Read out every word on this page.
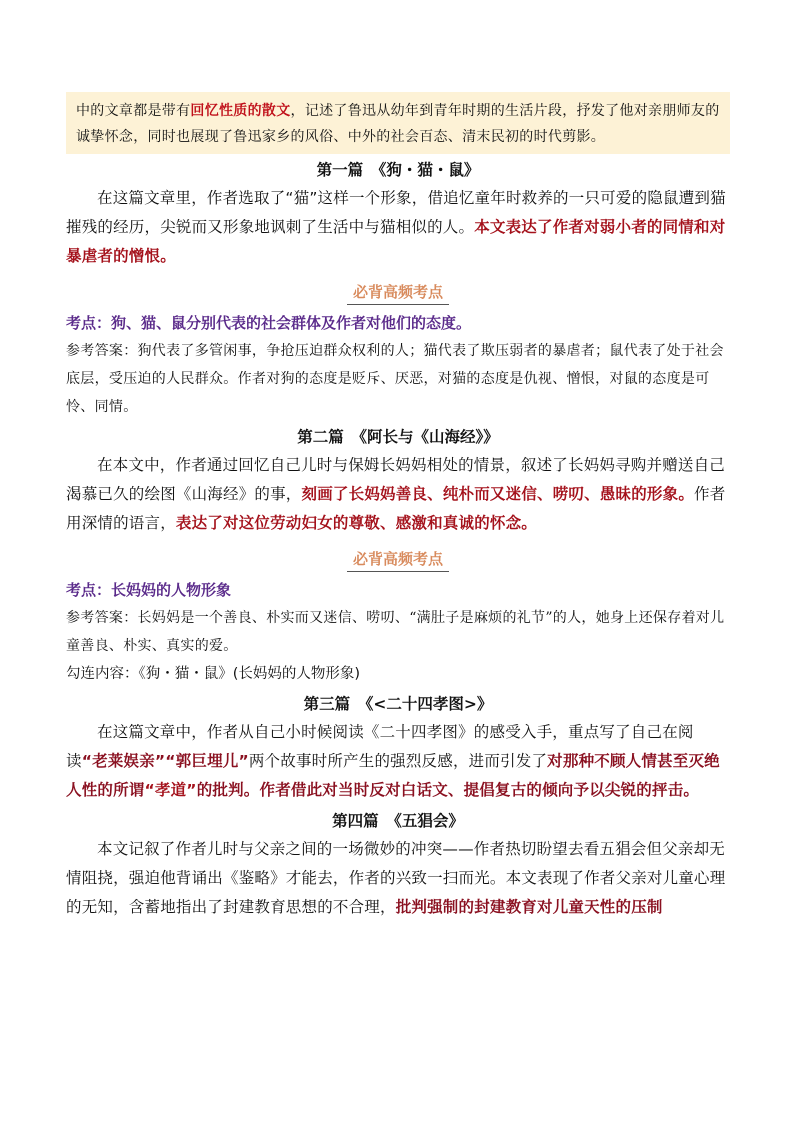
中的文章都是带有回忆性质的散文，记述了鲁迅从幼年到青年时期的生活片段，抒发了他对亲朋师友的诚挚怀念，同时也展现了鲁迅家乡的风俗、中外的社会百态、清末民初的时代剪影。
第一篇　《狗・猫・鼠》

在这篇文章里，作者选取了“猫”这样一个形象，借追忆童年时救养的一只可爱的隐鼠遭到猫摧残的经历，尖锐而又形象地讽刺了生活中与猫相似的人。本文表达了作者对弱小者的同情和对暴虐者的憎恨。

必背高频考点
考点：狗、猫、鼠分别代表的社会群体及作者对他们的态度。

参考答案：狗代表了多管闲事，争抢压迫群众权利的人；猫代表了欺压弱者的暴虐者；鼠代表了处于社会底层，受压迫的人民群众。作者对狗的态度是贬斥、厌恶，对猫的态度是仇视、憎恨，对鼠的态度是可怜、同情。

第二篇　《阿长与《山海经》》

在本文中，作者通过回忆自己儿时与保姆长妈妈相处的情景，叙述了长妈妈寻购并赠送自己渴慕已久的绘图《山海经》的事，刻画了长妈妈善良、纯朴而又迷信、唠叨、愚昧的形象。作者用深情的语言，表达了对这位劳动妇女的尊敬、感激和真诚的怀念。

必背高频考点
考点：长妈妈的人物形象

参考答案：长妈妈是一个善良、朴实而又迷信、唠叨、“满肚子是麻烦的礼节”的人，她身上还保存着对儿童善良、朴实、真实的爱。

勾连内容：《狗・猫・鼠》(长妈妈的人物形象)

第三篇　《<二十四孝图>》

在这篇文章中，作者从自己小时候阅读《二十四孝图》的感受入手，重点写了自己在阅读“老莱娱亲”“郭巨埋儿”两个故事时所产生的强烈反感，进而引发了对那种不顾人情甚至灭绝人性的所谓“孝道”的批判。作者借此对当时反对白话文、提倡复古的倾向予以尖锐的抨击。

第四篇　《五猖会》

本文记叙了作者儿时与父亲之间的一场微妙的冲突——作者热切盼望去看五猖会但父亲却无情阻挠，强迫他背诵出《鉴略》才能去，作者的兴致一扫而光。本文表现了作者父亲对儿童心理的无知，含蓄地指出了封建教育思想的不合理，批判强制的封建教育对儿童天性的压制
